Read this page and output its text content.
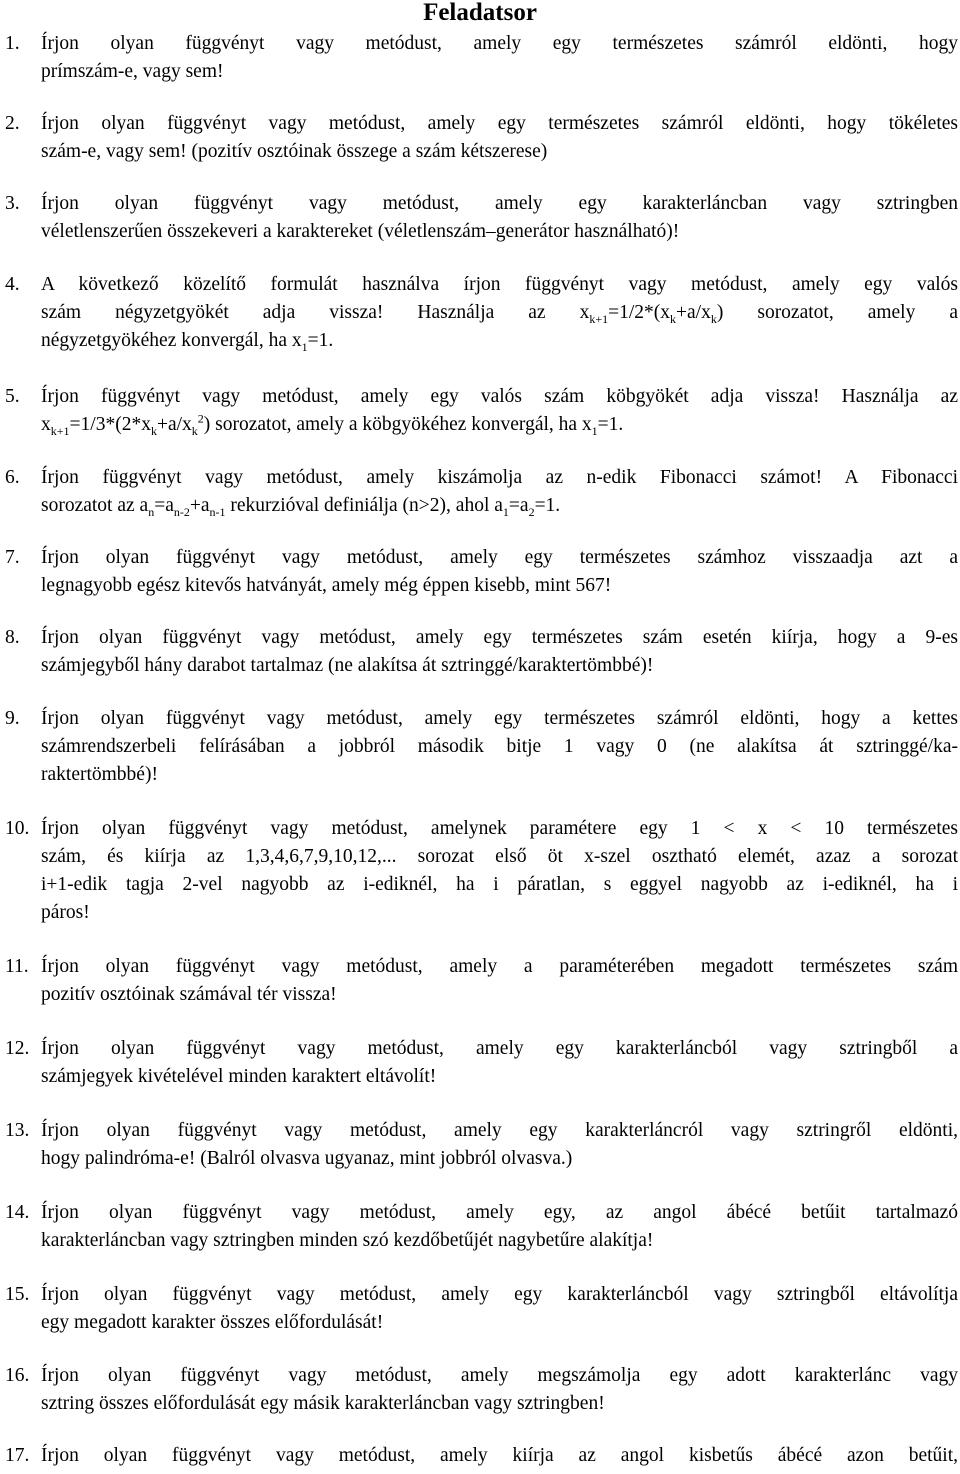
Feladatsor
1. Írjon olyan függvényt vagy metódust, amely egy természetes számról eldönti, hogy
prímszám-e, vagy sem!
2. Írjon olyan függvényt vagy metódust, amely egy természetes számról eldönti, hogy tökéletes
szám-e, vagy sem! (pozitív osztóinak összege a szám kétszerese)
3. Írjon olyan függvényt vagy metódust, amely egy karakterláncban vagy sztringben
véletlenszerűen összekeveri a karaktereket (véletlenszám–generátor használható)!
4. A következő közelítő formulát használva írjon függvényt vagy metódust, amely egy valós
szám négyzetgyökét adja vissza! Használja az $x_{k+1}=1/2*(x_k+a/x_k)$ sorozatot, amely a
négyzetgyökéhez konvergál, ha $x_1=1$.
5. Írjon függvényt vagy metódust, amely egy valós szám köbgyökét adja vissza! Használja az
$x_{k+1}=1/3*(2*x_k+a/x_k^2)$ sorozatot, amely a köbgyökéhez konvergál, ha $x_1=1$.
6. Írjon függvényt vagy metódust, amely kiszámolja az n-edik Fibonacci számot! A Fibonacci
sorozatot az $a_n=a_{n-2}+a_{n-1}$ rekurzióval definiálja (n>2), ahol $a_1=a_2=1$.
7. Írjon olyan függvényt vagy metódust, amely egy természetes számhoz visszaadja azt a
legnagyobb egész kitevős hatványát, amely még éppen kisebb, mint 567!
8. Írjon olyan függvényt vagy metódust, amely egy természetes szám esetén kiírja, hogy a 9-es
számjegyből hány darabot tartalmaz (ne alakítsa át sztringgé/karaktertömbbé)!
9. Írjon olyan függvényt vagy metódust, amely egy természetes számról eldönti, hogy a kettes
számrendszerbeli felírásában a jobbról második bitje 1 vagy 0 (ne alakítsa át sztringgé/ka-
raktertömbbé)!
10. Írjon olyan függvényt vagy metódust, amelynek paramétere egy 1 < x < 10 természetes
szám, és kiírja az 1,3,4,6,7,9,10,12,... sorozat első öt x-szel osztható elemét, azaz a sorozat
i+1-edik tagja 2-vel nagyobb az i-ediknél, ha i páratlan, s eggyel nagyobb az i-ediknél, ha i
páros!
11. Írjon olyan függvényt vagy metódust, amely a paraméterében megadott természetes szám
pozitív osztóinak számával tér vissza!
12. Írjon olyan függvényt vagy metódust, amely egy karakterláncból vagy sztringből a
számjegyek kivételével minden karaktert eltávolít!
13. Írjon olyan függvényt vagy metódust, amely egy karakterláncról vagy sztringről eldönti,
hogy palindróma-e! (Balról olvasva ugyanaz, mint jobbról olvasva.)
14. Írjon olyan függvényt vagy metódust, amely egy, az angol ábécé betűit tartalmazó
karakterláncban vagy sztringben minden szó kezdőbetűjét nagybetűre alakítja!
15. Írjon olyan függvényt vagy metódust, amely egy karakterláncból vagy sztringből eltávolítja
egy megadott karakter összes előfordulását!
16. Írjon olyan függvényt vagy metódust, amely megszámolja egy adott karakterlánc vagy
sztring összes előfordulását egy másik karakterláncban vagy sztringben!
17. Írjon olyan függvényt vagy metódust, amely kiírja az angol kisbetűs ábécé azon betűit,
